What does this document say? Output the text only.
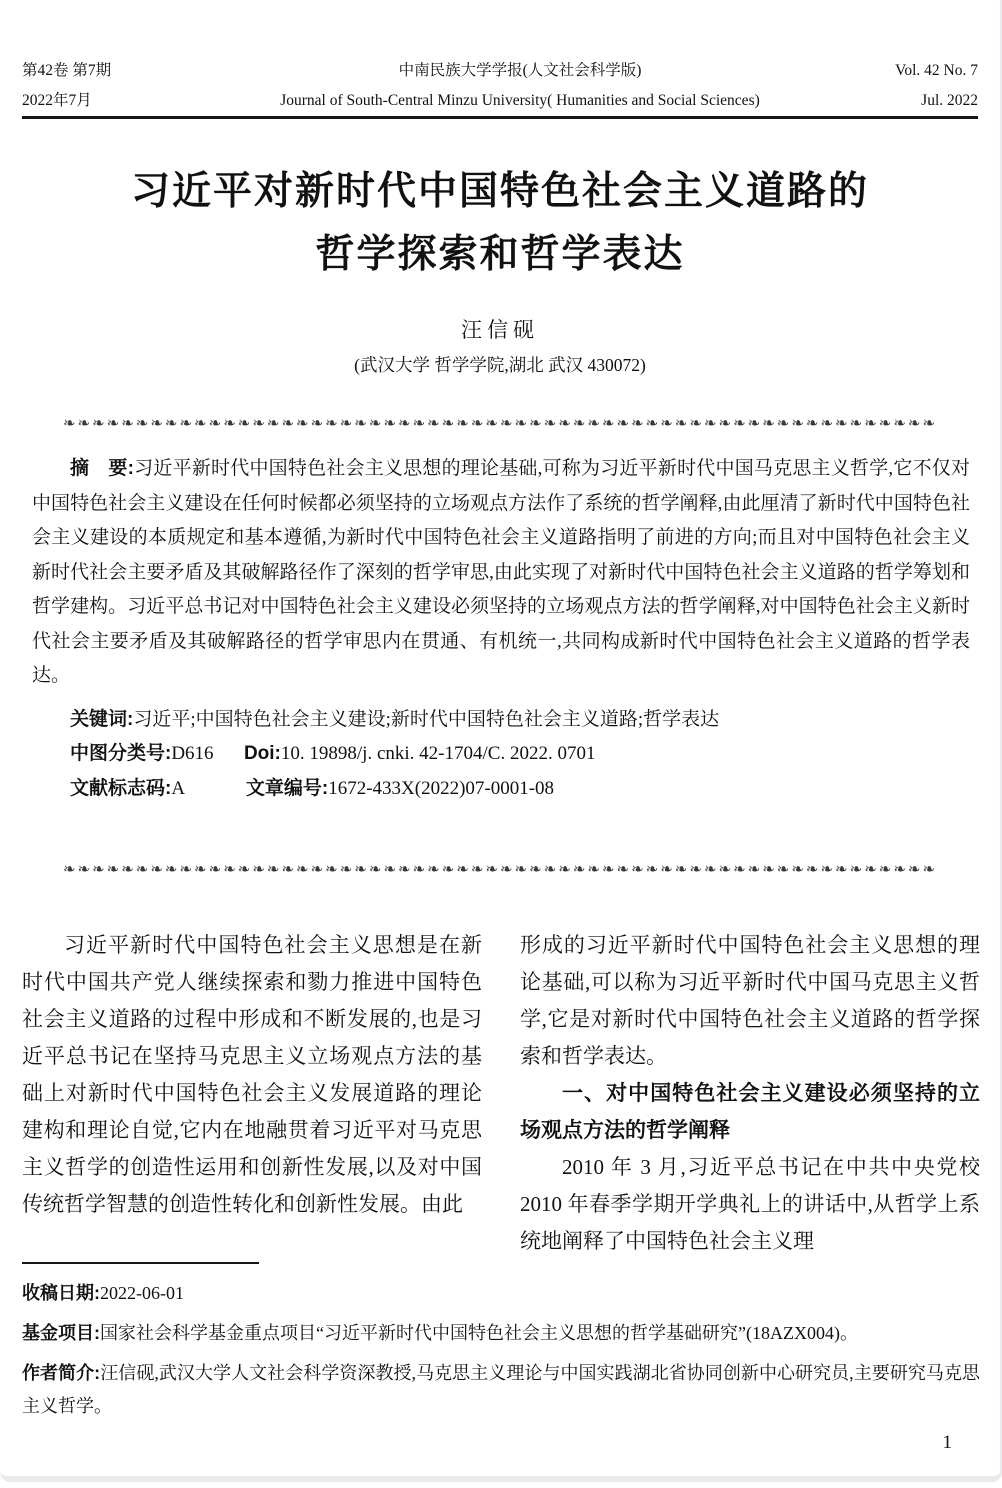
第42卷 第7期	中南民族大学学报(人文社会科学版)	Vol. 42 No. 7
2022年7月	Journal of South-Central Minzu University( Humanities and Social Sciences)	Jul. 2022
习近平对新时代中国特色社会主义道路的
哲学探索和哲学表达
汪信砚
(武汉大学 哲学学院,湖北 武汉 430072)
❧❧❧❧❧❧❧❧❧❧❧❧❧❧❧❧❧❧❧❧❧❧❧❧❧❧❧❧❧❧❧❧❧❧❧❧❧❧❧❧❧❧❧❧❧❧❧❧❧❧❧❧❧❧❧❧❧❧❧❧

摘　要:习近平新时代中国特色社会主义思想的理论基础,可称为习近平新时代中国马克思主义哲学,它不仅对中国特色社会主义建设在任何时候都必须坚持的立场观点方法作了系统的哲学阐释,由此厘清了新时代中国特色社会主义建设的本质规定和基本遵循,为新时代中国特色社会主义道路指明了前进的方向;而且对中国特色社会主义新时代社会主要矛盾及其破解路径作了深刻的哲学审思,由此实现了对新时代中国特色社会主义道路的哲学筹划和哲学建构。习近平总书记对中国特色社会主义建设必须坚持的立场观点方法的哲学阐释,对中国特色社会主义新时代社会主要矛盾及其破解路径的哲学审思内在贯通、有机统一,共同构成新时代中国特色社会主义道路的哲学表达。

关键词:习近平;中国特色社会主义建设;新时代中国特色社会主义道路;哲学表达

中图分类号:D616 Doi:10. 19898/j. cnki. 42-1704/C. 2022. 0701

文献标志码:A	文章编号:1672-433X(2022)07-0001-08

❧❧❧❧❧❧❧❧❧❧❧❧❧❧❧❧❧❧❧❧❧❧❧❧❧❧❧❧❧❧❧❧❧❧❧❧❧❧❧❧❧❧❧❧❧❧❧❧❧❧❧❧❧❧❧❧❧❧❧❧

习近平新时代中国特色社会主义思想是在新时代中国共产党人继续探索和勠力推进中国特色社会主义道路的过程中形成和不断发展的,也是习近平总书记在坚持马克思主义立场观点方法的基础上对新时代中国特色社会主义发展道路的理论建构和理论自觉,它内在地融贯着习近平对马克思主义哲学的创造性运用和创新性发展,以及对中国传统哲学智慧的创造性转化和创新性发展。由此

形成的习近平新时代中国特色社会主义思想的理论基础,可以称为习近平新时代中国马克思主义哲学,它是对新时代中国特色社会主义道路的哲学探索和哲学表达。

一、对中国特色社会主义建设必须坚持的立场观点方法的哲学阐释

2010 年 3 月,习近平总书记在中共中央党校 2010 年春季学期开学典礼上的讲话中,从哲学上系统地阐释了中国特色社会主义理

收稿日期:2022-06-01

基金项目:国家社会科学基金重点项目“习近平新时代中国特色社会主义思想的哲学基础研究”(18AZX004)。

作者简介:汪信砚,武汉大学人文社会科学资深教授,马克思主义理论与中国实践湖北省协同创新中心研究员,主要研究马克思主义哲学。

1
